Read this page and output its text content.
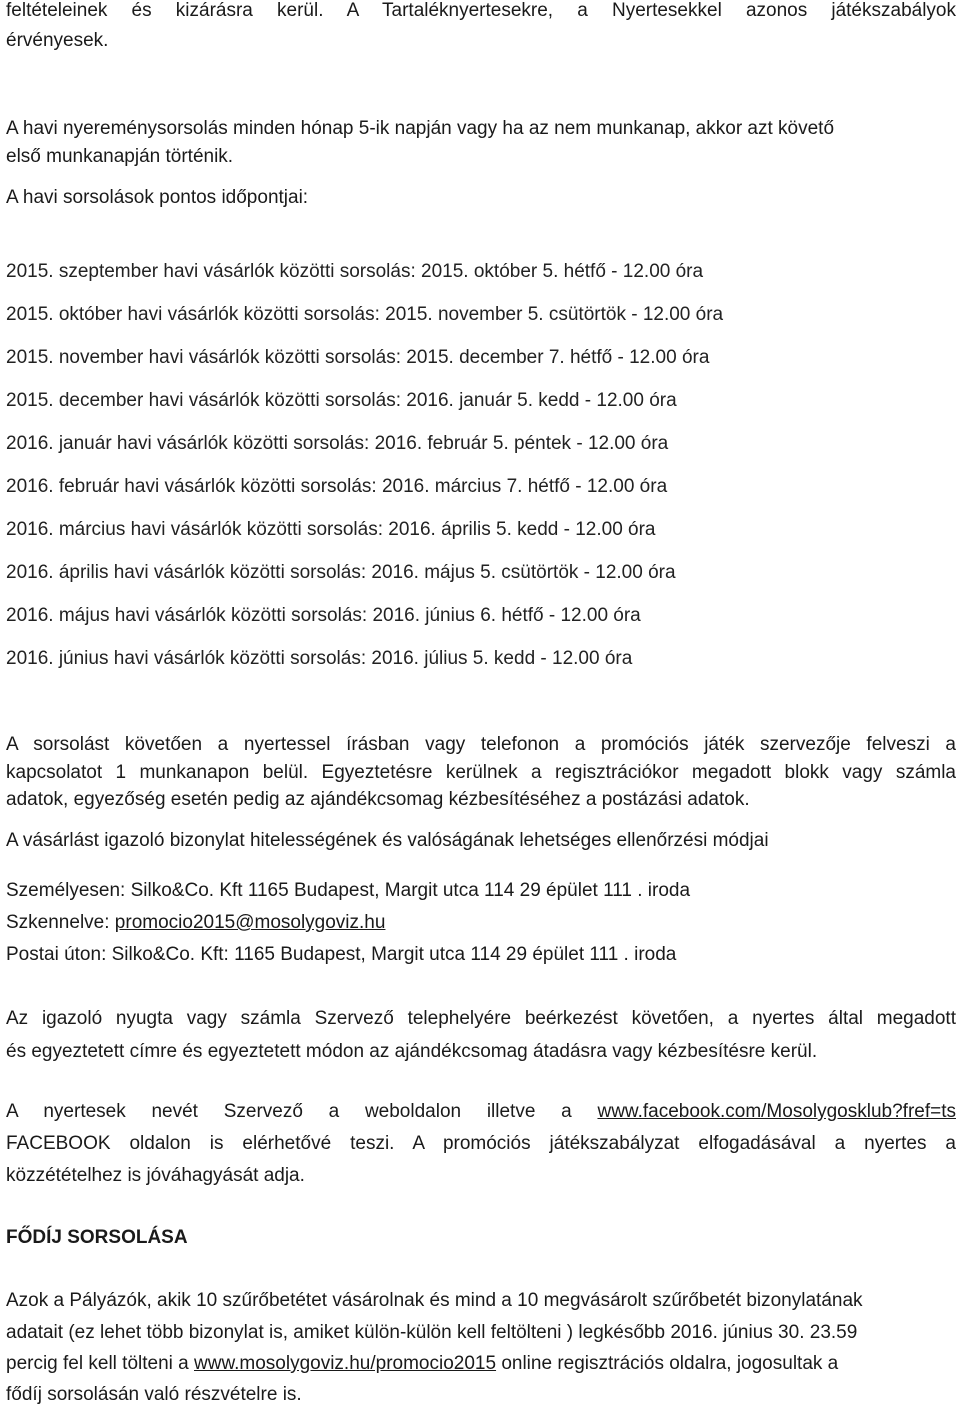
feltételeinek és kizárásra kerül. A Tartaléknyertesekre, a Nyertesekkel azonos játékszabályok
érvényesek.
A havi nyereménysorsolás minden hónap 5-ik napján vagy ha az nem munkanap, akkor azt követő
első munkanapján történik.
A havi sorsolások pontos időpontjai:
2015. szeptember havi vásárlók közötti sorsolás: 2015. október 5. hétfő - 12.00 óra
2015. október havi vásárlók közötti sorsolás: 2015. november 5. csütörtök - 12.00 óra
2015. november havi vásárlók közötti sorsolás: 2015. december 7. hétfő - 12.00 óra
2015. december havi vásárlók közötti sorsolás: 2016. január 5. kedd - 12.00 óra
2016. január havi vásárlók közötti sorsolás: 2016. február 5. péntek - 12.00 óra
2016. február havi vásárlók közötti sorsolás: 2016. március 7. hétfő - 12.00 óra
2016. március havi vásárlók közötti sorsolás: 2016. április 5. kedd - 12.00 óra
2016. április havi vásárlók közötti sorsolás: 2016. május 5. csütörtök - 12.00 óra
2016. május havi vásárlók közötti sorsolás: 2016. június 6. hétfő - 12.00 óra
2016. június havi vásárlók közötti sorsolás: 2016. július 5. kedd - 12.00 óra
A sorsolást követően a nyertessel írásban vagy telefonon a promóciós játék szervezője felveszi a
kapcsolatot 1 munkanapon belül. Egyeztetésre kerülnek a regisztrációkor megadott blokk vagy számla
adatok, egyezőség esetén pedig az ajándékcsomag kézbesítéséhez a postázási adatok.
A vásárlást igazoló bizonylat hitelességének és valóságának lehetséges ellenőrzési módjai
Személyesen: Silko&Co. Kft 1165 Budapest, Margit utca 114 29 épület 111 . iroda
Szkennelve: promocio2015@mosolygoviz.hu
Postai úton: Silko&Co. Kft: 1165 Budapest, Margit utca 114 29 épület 111 . iroda
Az igazoló nyugta vagy számla Szervező telephelyére beérkezést követően, a nyertes által megadott
és egyeztetett címre és egyeztetett módon az ajándékcsomag átadásra vagy kézbesítésre kerül.
A nyertesek nevét Szervező a weboldalon illetve a www.facebook.com/Mosolygosklub?fref=ts
FACEBOOK oldalon is elérhetővé teszi. A promóciós játékszabályzat elfogadásával a nyertes a
közzétételhez is jóváhagyását adja.
FŐDÍJ SORSOLÁSA
Azok a Pályázók, akik 10 szűrőbetétet vásárolnak és mind a 10 megvásárolt szűrőbetét bizonylatának
adatait (ez lehet több bizonylat is, amiket külön-külön kell feltölteni ) legkésőbb 2016. június 30. 23.59
percig fel kell tölteni a www.mosolygoviz.hu/promocio2015 online regisztrációs oldalra, jogosultak a
fődíj sorsolásán való részvételre is.
